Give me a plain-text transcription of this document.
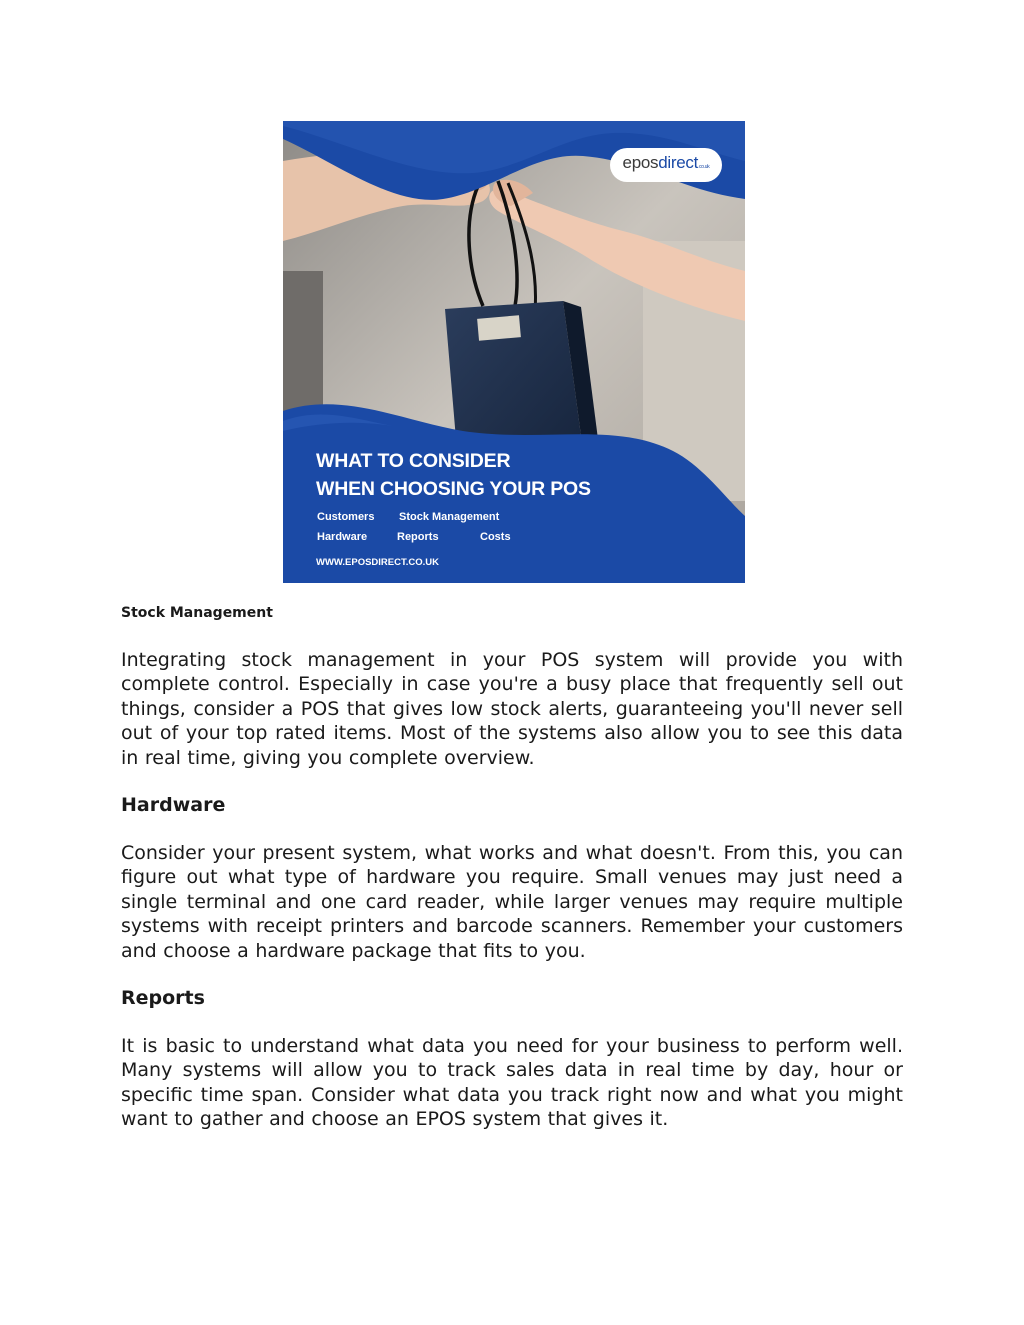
epos direct co.uk
WHAT TO CONSIDER
WHEN CHOOSING YOUR POS
Customers Stock Management
Hardware	Reports	Costs
WWW.EPOSDIRECT.CO.UK
Stock Management

Integrating stock management in your POS system will provide you with complete control. Especially in case you're a busy place that frequently sell out things, consider a POS that gives low stock alerts, guaranteeing you'll never sell out of your top rated items. Most of the systems also allow you to see this data in real time, giving you complete overview.

Hardware

Consider your present system, what works and what doesn't. From this, you can figure out what type of hardware you require. Small venues may just need a single terminal and one card reader, while larger venues may require multiple systems with receipt printers and barcode scanners. Remember your customers and choose a hardware package that fits to you.

Reports

It is basic to understand what data you need for your business to perform well. Many systems will allow you to track sales data in real time by day, hour or specific time span. Consider what data you track right now and what you might want to gather and choose an EPOS system that gives it.
